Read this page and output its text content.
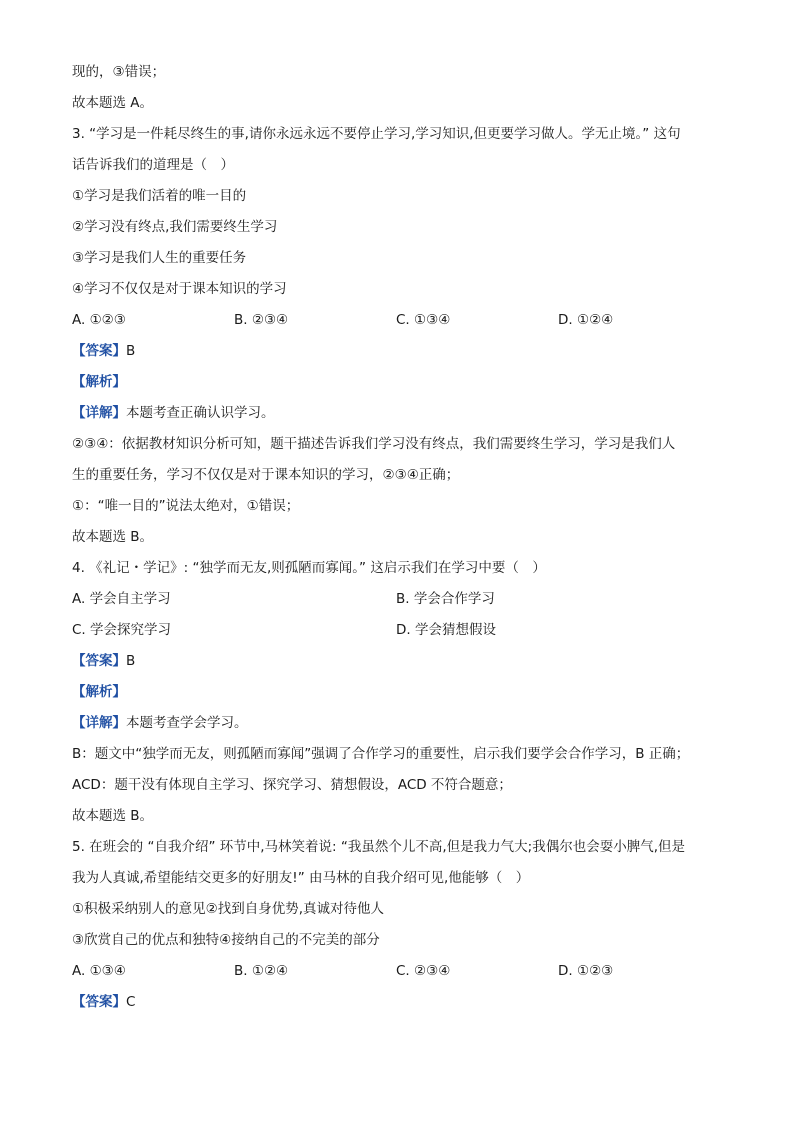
现的，③错误；

故本题选 A。

3. “学习是一件耗尽终生的事,请你永远永远不要停止学习,学习知识,但更要学习做人。学无止境。” 这句

话告诉我们的道理是（　）

①学习是我们活着的唯一目的

②学习没有终点,我们需要终生学习

③学习是我们人生的重要任务

④学习不仅仅是对于课本知识的学习

A. ①②③	B. ②③④	C. ①③④	D. ①②④

【答案】B

【解析】

【详解】本题考查正确认识学习。

②③④：依据教材知识分析可知，题干描述告诉我们学习没有终点，我们需要终生学习，学习是我们人

生的重要任务，学习不仅仅是对于课本知识的学习，②③④正确；

①：“唯一目的”说法太绝对，①错误；

故本题选 B。

4. 《礼记・学记》: “独学而无友,则孤陋而寡闻。” 这启示我们在学习中要（　）

A. 学会自主学习	B. 学会合作学习
C. 学会探究学习	D. 学会猜想假设

【答案】B

【解析】

【详解】本题考查学会学习。

B：题文中“独学而无友，则孤陋而寡闻”强调了合作学习的重要性，启示我们要学会合作学习，B 正确；

ACD：题干没有体现自主学习、探究学习、猜想假设，ACD 不符合题意；

故本题选 B。

5. 在班会的 “自我介绍” 环节中,马林笑着说: “我虽然个儿不高,但是我力气大;我偶尔也会耍小脾气,但是

我为人真诚,希望能结交更多的好朋友!” 由马林的自我介绍可见,他能够（　）

①积极采纳别人的意见②找到自身优势,真诚对待他人

③欣赏自己的优点和独特④接纳自己的不完美的部分

A. ①③④	B. ①②④	C. ②③④	D. ①②③

【答案】C
